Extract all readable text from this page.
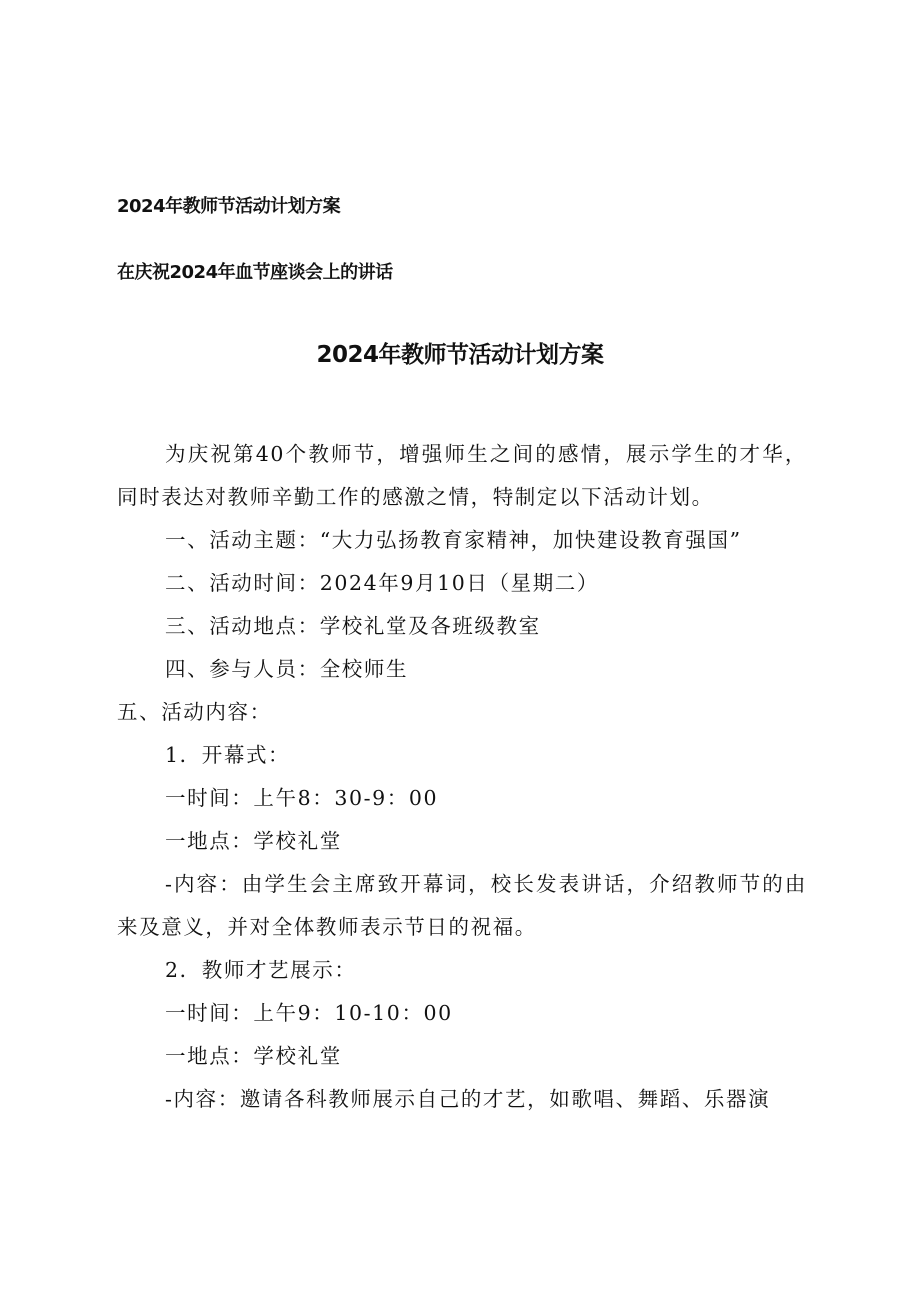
2024年教师节活动计划方案
在庆祝2024年血节座谈会上的讲话
2024年教师节活动计划方案

为庆祝第40个教师节，增强师生之间的感情，展示学生的才华，同时表达对教师辛勤工作的感激之情，特制定以下活动计划。

一、活动主题：“大力弘扬教育家精神，加快建设教育强国”

二、活动时间：2024年9月10日（星期二）

三、活动地点：学校礼堂及各班级教室

四、参与人员：全校师生

五、活动内容：

1．开幕式：

一时间：上午8：30-9：00

一地点：学校礼堂

-内容：由学生会主席致开幕词，校长发表讲话，介绍教师节的由来及意义，并对全体教师表示节日的祝福。

2．教师才艺展示：

一时间：上午9：10-10：00

一地点：学校礼堂

-内容：邀请各科教师展示自己的才艺，如歌唱、舞蹈、乐器演
